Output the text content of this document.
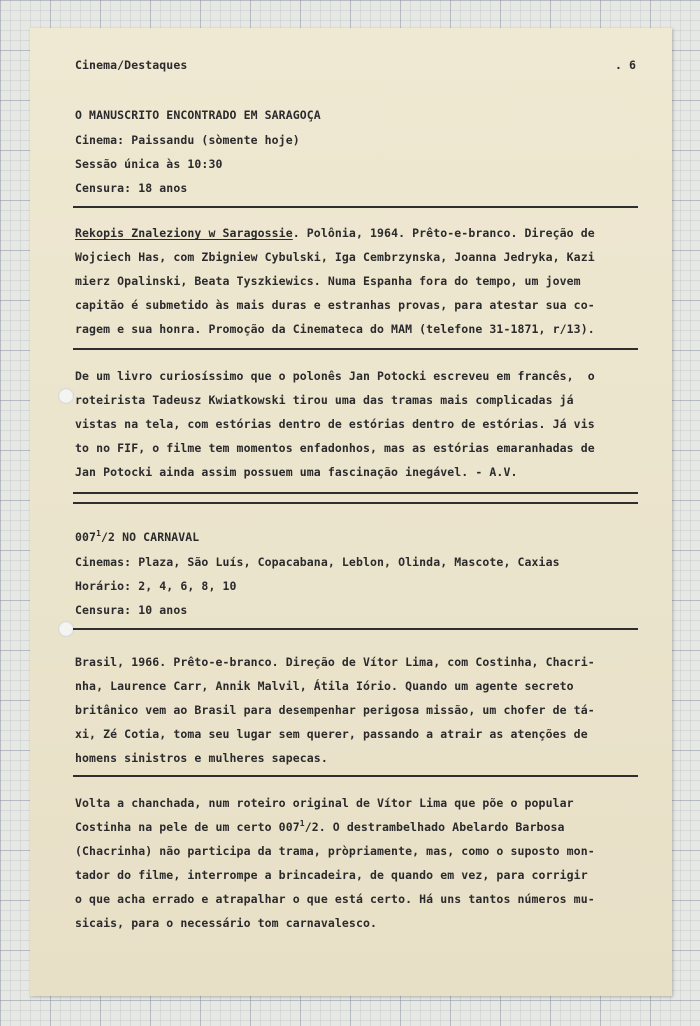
Cinema/Destaques	. 6

O MANUSCRITO ENCONTRADO EM SARAGOÇA

Cinema: Paissandu (sòmente hoje)

Sessão única às 10:30

Censura: 18 anos

Rekopis Znaleziony w Saragossie. Polônia, 1964. Prêto-e-branco. Direção de

Wojciech Has, com Zbigniew Cybulski, Iga Cembrzynska, Joanna Jedryka, Kazi

mierz Opalinski, Beata Tyszkiewics. Numa Espanha fora do tempo, um jovem

capitão é submetido às mais duras e estranhas provas, para atestar sua co-

ragem e sua honra. Promoção da Cinemateca do MAM (telefone 31-1871, r/13).

De um livro curiosíssimo que o polonês Jan Potocki escreveu em francês,  o

roteirista Tadeusz Kwiatkowski tirou uma das tramas mais complicadas já

vistas na tela, com estórias dentro de estórias dentro de estórias. Já vis

to no FIF, o filme tem momentos enfadonhos, mas as estórias emaranhadas de

Jan Potocki ainda assim possuem uma fascinação inegável. - A.V.

$007^1/2$ NO CARNAVAL

Cinemas: Plaza, São Luís, Copacabana, Leblon, Olinda, Mascote, Caxias

Horário: 2, 4, 6, 8, 10

Censura: 10 anos

Brasil, 1966. Prêto-e-branco. Direção de Vítor Lima, com Costinha, Chacri-

nha, Laurence Carr, Annik Malvil, Átila Iório. Quando um agente secreto

britânico vem ao Brasil para desempenhar perigosa missão, um chofer de tá-

xi, Zé Cotia, toma seu lugar sem querer, passando a atrair as atenções de

homens sinistros e mulheres sapecas.

Volta a chanchada, num roteiro original de Vítor Lima que põe o popular

Costinha na pele de um certo $007^1/2$. O destrambelhado Abelardo Barbosa

(Chacrinha) não participa da trama, pròpriamente, mas, como o suposto mon-

tador do filme, interrompe a brincadeira, de quando em vez, para corrigir

o que acha errado e atrapalhar o que está certo. Há uns tantos números mu-

sicais, para o necessário tom carnavalesco.
